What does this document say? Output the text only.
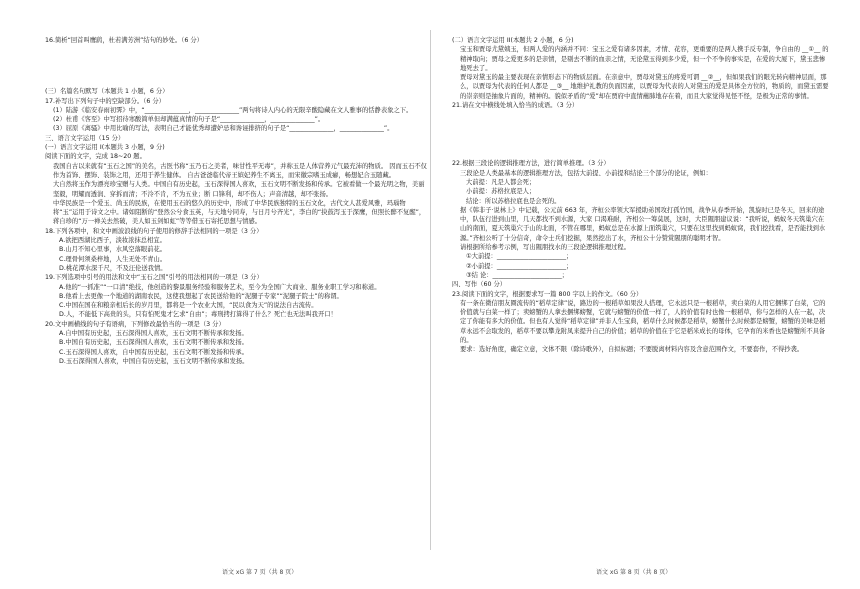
16.简析“回首叫鹰鹞，杜若满芳洲”结句的妙处。（6 分）

(三）名篇名句默写（本题共 1 小题，6 分）

17.补写出下列句子中的空缺部分。（6 分）

(1）陆游《临安春雨初霁》中，“______________，______________”两句将诗人内心的无限辛酸隐藏在文人雅事的恬静表象之下。

(2）杜甫《客至》中写招待寒酸简单但却满蕴真情的句子是“______________，______________”。

(3）屈原《离骚》中用比喻的写法，表明自己才能优秀却遭妒忌和谗诬排挤的句子是“______________，______________”。

三、语言文字运用（15 分）

(一）语言文字运用 I(本题共 3 小题，9 分)

阅读下面的文字，完成 18~20 题。

我国自古以来就有“玉石之国”的美名，古医书称“玉乃石之美者，味甘性平无毒”，并称玉是人体营养元气最充沛的物质。 因而玉石不仅作为首饰、摆饰、装饰之用，还用于养生健体。 自古爸爸临代帝王嫔妃养生不离玉，而宋徽宗嗜玉成癖，畅想妃合玉随藏。

大自然将玉作为漂亮珍宝赠与人类。中国自有历史起，玉石深得国人喜欢，玉石文明不断发扬和传承。它被看做一个最光明之物，美丽坚毅，明耀而透润、穿拆而清；不泠不肯，不为五业；断 口锋利，却不伤人；声音清越，却不张扬。

中华民族是一个爱玉、尚玉的民族，在使用玉石的悠久的历史中，形成了中华民族独特的玉石文化，古代文人甚爱风雅，玛瑙物将“玉”运用于诗文之中。诸如阻断的“登然公兮食玉英，与天地兮同寿，与日月兮齐光”，李白的“抉鼓泻玉于深鹰，但照长醉不复醒”，蒋自珍的“万一禅关去然破，美人如玉剑如虹”等等借玉石寄托思想与情感。

18.下列各项中，和文中画波浪线的句子使用的修辞手法相同的一项是（3 分）

A.欲把西湖比西子，淡妆浓抹总相宜。

B.山月不知心里事，水风空落眼前花。

C.理骨何须桑梓地，人生无处不青山。

D.桃花潭水深千尺，不及汪伦送我情。

19.下列选项中引号的用法和文中“玉石之国”引号的用法相同的一项是（3 分）

A.他的“一抓准”“一口清”绝技，他创造的黎景服务经验和服务艺术，至今为全国广大商业、服务业职工学习和称道。

B.他看上去更像一个地道的湖南农民，这使我想起了农民送给他的“泥腿子专家”“泥腿子院士”的称谓。

C.中国在国在和粮亲相后长的岁月里，都将是一个农业大国，“民以食为天”的说法自古流传。

D.人，不能低下高贵的头，只有怕死鬼才乞求“自由”；毒刑拷打算得了什么？死亡也无法叫我开口！

20.文中画横线的句子有语病，下列修改最恰当的一项是（3 分）

A.自中国有历史起，玉石深得国人喜欢，玉石文明不断传承和发扬。

B.中国自有历史起，玉石深得国人喜欢，玉石文明不断传承和发扬。

C.玉石深得国人喜欢，自中国有历史起，玉石文明不断发扬和传承。

D.玉石深得国人喜欢，中国自有历史起，玉石文明不断传承和发扬。

(二）语言文字运用 II(本题共 2 小题，6 分)

宝玉和贾母尤黛姨玉，但两人爱的内涵并不同：宝玉之爱有诸多因素，才情、花容，更重要的是两人携手反专制，争自由的 __①__ 的精神取向；贾母之爱更多的是亲情，是剔去不断的血亲之情，无论黛玉得到多少爱，但一个不争的事实是，在爱的大厦下，黛玉悲惨地死去了。

贾母对黛玉的最主要表现在亲情形态下的物质层面。在亲意中，贾母对黛玉的疼爱可谓 __②__，但如果我们的眼光转向精神层面，那么，以贾母为代表的任何人都是 __③__ 地维护礼教的负面因素，以贾母为代表的人对黛玉的爱是具体全方位的，物质的，而黛玉需要的崇亲则是抽象片面的，精神的。貌似矛盾的“爱”却在贾府中直情蘸肺地存在着，而且大家觉得见怪不怪，是极为正常的事情。

21.请在文中横线处填入恰当的成语。（3 分）

22.根据三段论的逻辑推理方法，进行简单推理。（3 分）

三段论是人类最基本的逻辑推理方法，包括大前提、小前提和结论三个部分的论证，例如：

大前提：凡是人都会死；

小前提：苏格拉底是人；

结论：所以苏格拉底也是会死的。

据《韩非子·说林上》中记载，公元前 663 年，齐桓公率领大军援助弟国攻打孤竹国，战争从春季开始，凯旋时已是冬天，回来的途中，队伍行进到山里，几天都找不到水源，大家 口渴难耐，齐相公一筹莫展，这时，大臣隰朋建议说：“我听说，蚂蚁冬天筑巢穴在山的南面，夏天筑巢穴于山的北面，不管在哪里，蚂蚁总是在水源上面筑巢穴，只要在这里找到蚂蚁窝，我们挖找看，是否能找到水源。”齐桓公听了十分信奇，命令士兵们挖掘，果然挖出了水，齐桓公十分赞赏隰朋的聪明才智。

请根据所给参考示例，写出隰朋找水的三段论逻辑推理过程。

①大前提：______________________；

②小前提：______________________；

③结 论：______________________；

四、写作（60 分）

23.阅读下面的文字，根据要求写一篇 800 字以上的作文。（60 分）

有一条在微信朋友圈流传的“稻草定律”说，路边的一根稻草如果没人搭理，它永远只是一根稻草，卖白菜的人用它捆绑了白菜，它的价值就与白菜一样了；卖螃蟹的人拿去捆绑螃蟹，它就与螃蟹的价值一样了，人的价值有时也像一根稻草，你与怎样的人在一起，决定了你能有多大的价值。但也有人觉得“稻草定律”并非人生宝典，稻草什么时候都是稻草，螃蟹什么时候都是螃蟹，螃蟹的美味是稻草永远不会取发的，稻草不要以攀龙附凤来提升自己的价值；稻草的价值在于它是稻米成长的母体，它孕育的米香也是螃蟹所不具备的。

要求：选好角度，确定立意，文体不限（除诗歌外），自拟标题；不要脱离材料内容及含意范围作文，不要套作，不得抄袭。

语文 xG 第 7 页（共 8 页）	语文 xG 第 8 页（共 8 页）
